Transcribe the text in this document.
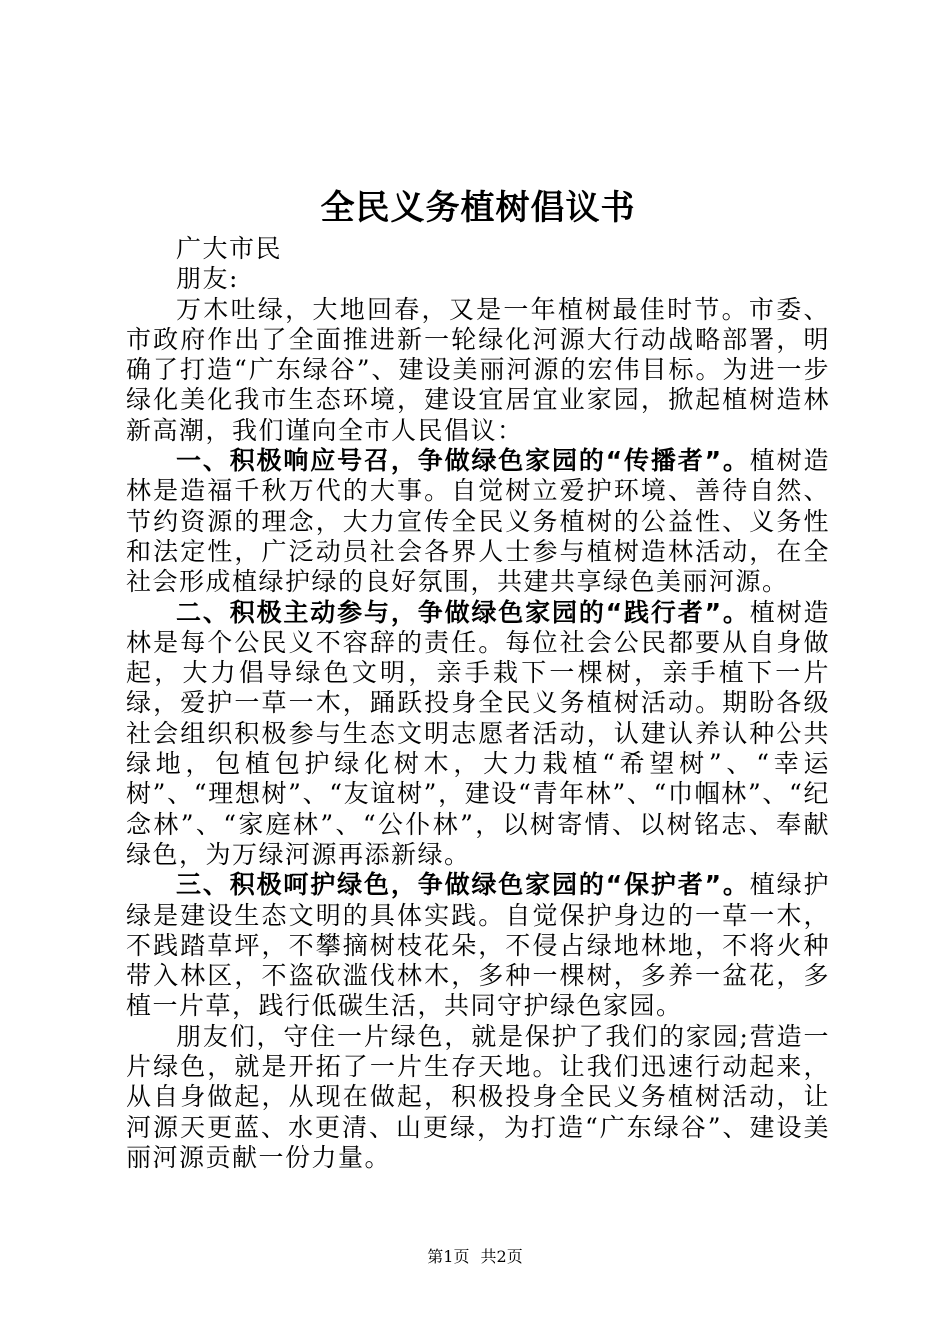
全民义务植树倡议书

广大市民

朋友:

万木吐绿，大地回春，又是一年植树最佳时节。市委、市政府作出了全面推进新一轮绿化河源大行动战略部署，明确了打造“广东绿谷”、建设美丽河源的宏伟目标。为进一步绿化美化我市生态环境，建设宜居宜业家园，掀起植树造林新高潮，我们谨向全市人民倡议：

一、积极响应号召，争做绿色家园的“传播者”。植树造林是造福千秋万代的大事。自觉树立爱护环境、善待自然、节约资源的理念，大力宣传全民义务植树的公益性、义务性和法定性，广泛动员社会各界人士参与植树造林活动，在全社会形成植绿护绿的良好氛围，共建共享绿色美丽河源。

二、积极主动参与，争做绿色家园的“践行者”。植树造林是每个公民义不容辞的责任。每位社会公民都要从自身做起，大力倡导绿色文明，亲手栽下一棵树，亲手植下一片绿，爱护一草一木，踊跃投身全民义务植树活动。期盼各级社会组织积极参与生态文明志愿者活动，认建认养认种公共绿地，包植包护绿化树木，大力栽植“希望树”、“幸运树”、“理想树”、“友谊树”，建设“青年林”、“巾帼林”、“纪念林”、“家庭林”、“公仆林”，以树寄情、以树铭志、奉献绿色，为万绿河源再添新绿。

三、积极呵护绿色，争做绿色家园的“保护者”。植绿护绿是建设生态文明的具体实践。自觉保护身边的一草一木，不践踏草坪，不攀摘树枝花朵，不侵占绿地林地，不将火种带入林区，不盗砍滥伐林木，多种一棵树，多养一盆花，多植一片草，践行低碳生活，共同守护绿色家园。

朋友们，守住一片绿色，就是保护了我们的家园;营造一片绿色，就是开拓了一片生存天地。让我们迅速行动起来，从自身做起，从现在做起，积极投身全民义务植树活动，让河源天更蓝、水更清、山更绿，为打造“广东绿谷”、建设美丽河源贡献一份力量。

第1页 共2页
